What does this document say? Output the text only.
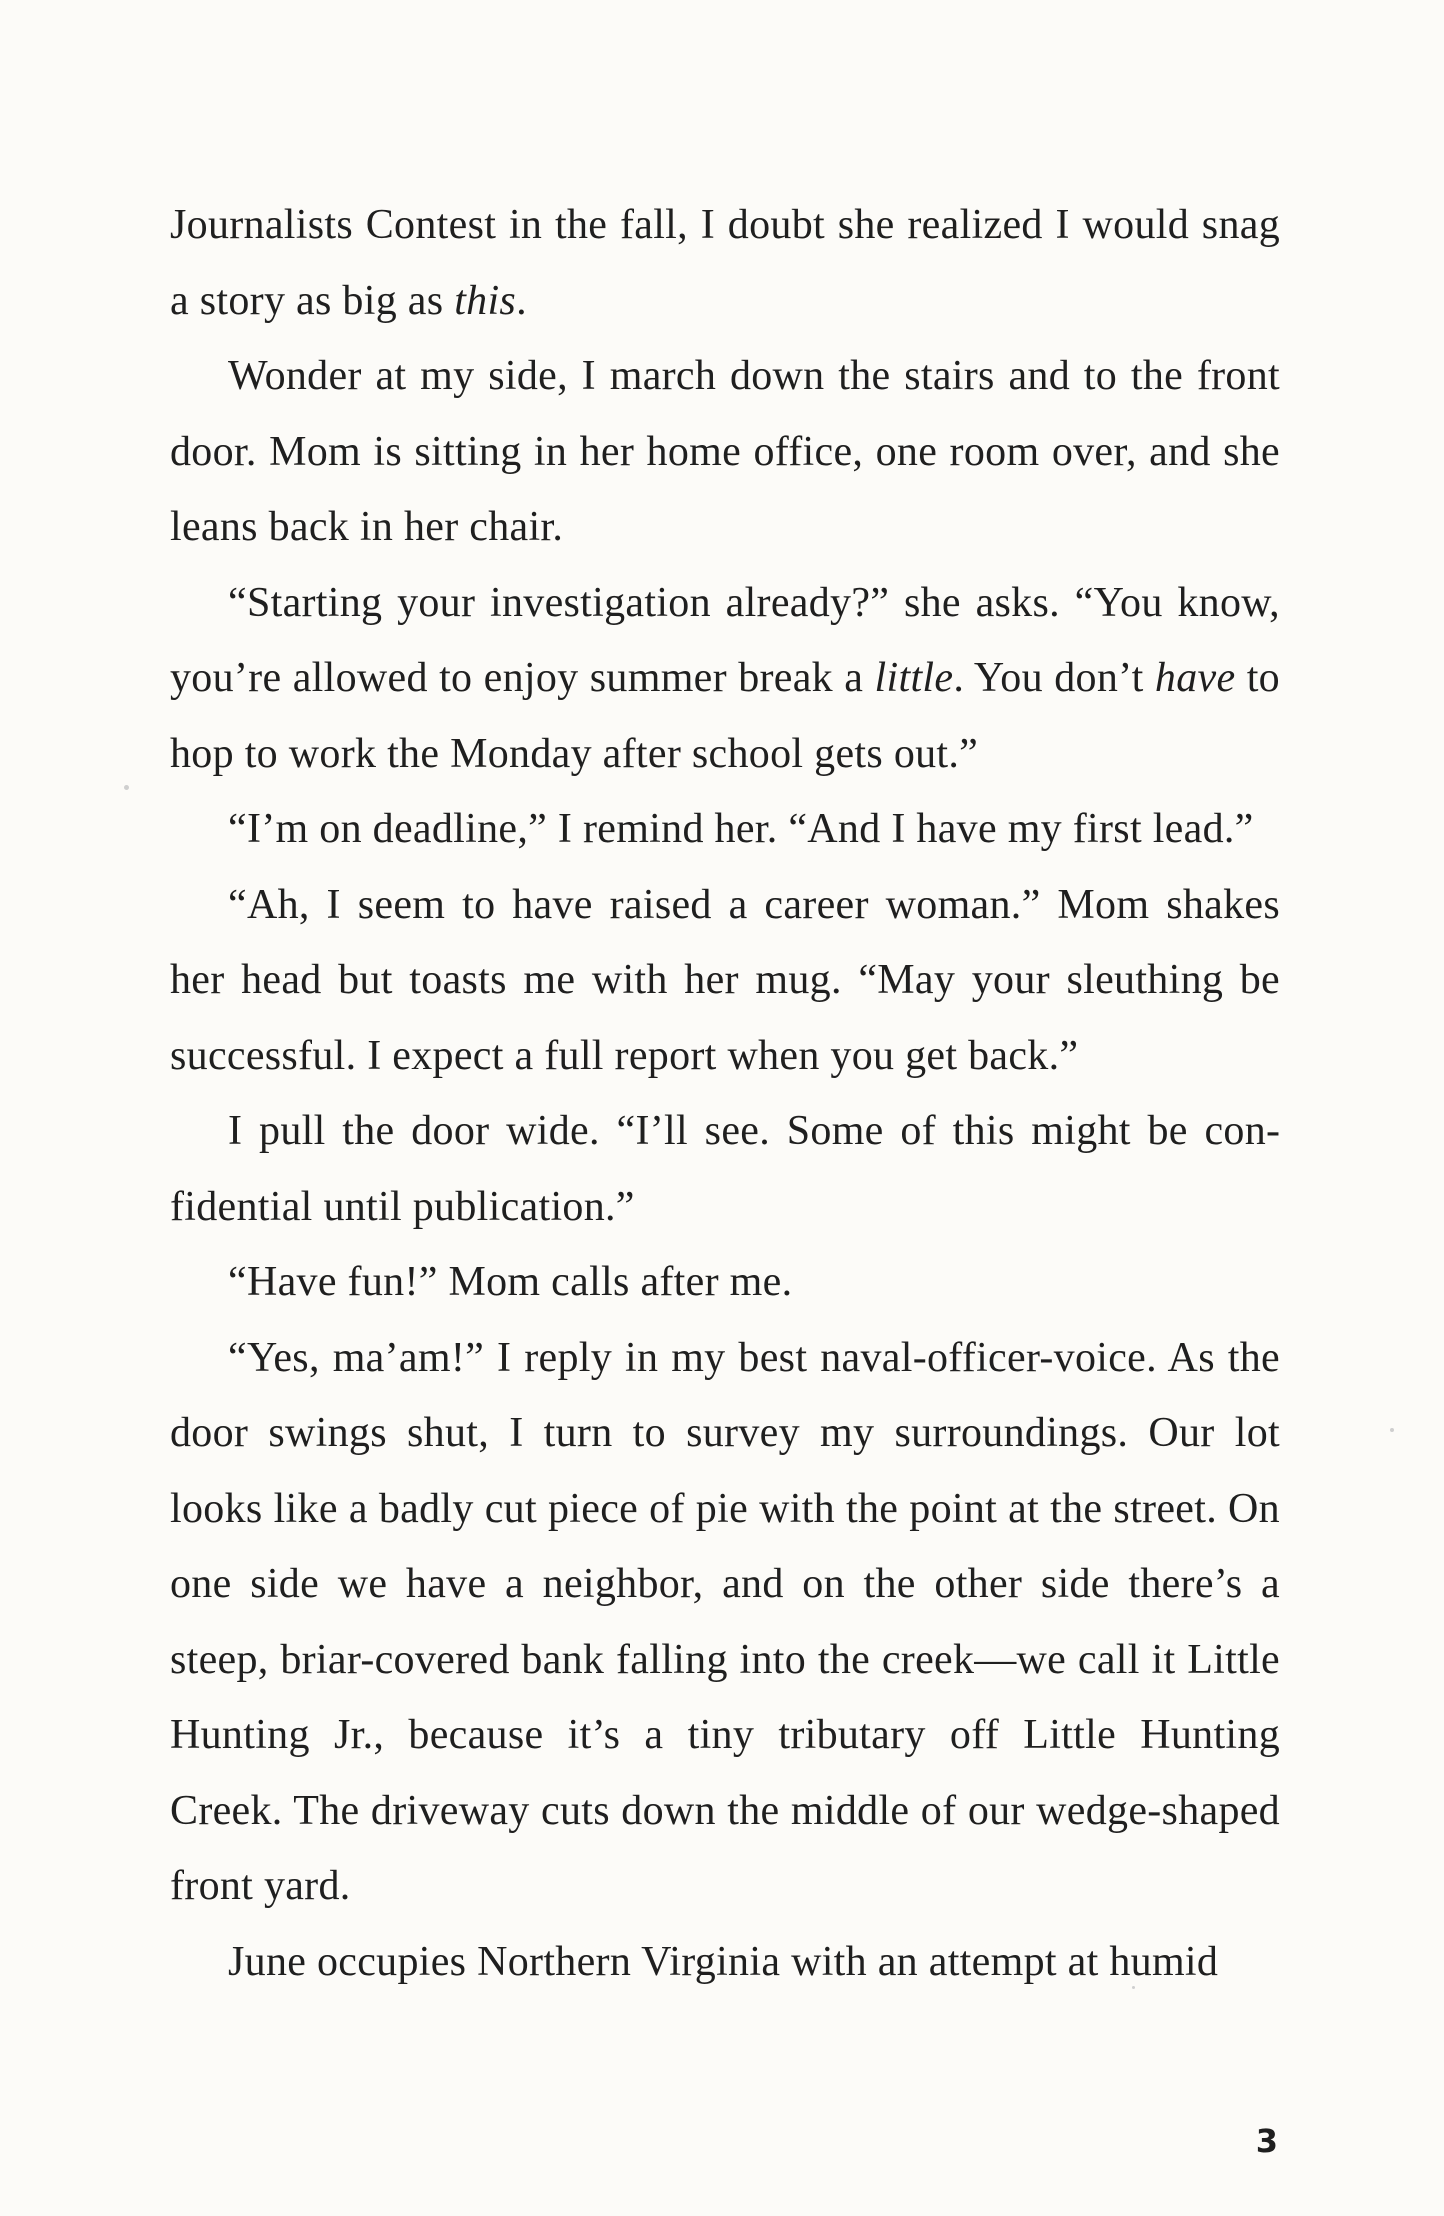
Journalists Contest in the fall, I doubt she realized I would snag a story as big as this.

Wonder at my side, I march down the stairs and to the front door. Mom is sitting in her home office, one room over, and she leans back in her chair.

“Starting your investigation already?” she asks. “You know, you’re allowed to enjoy summer break a little. You don’t have to hop to work the Monday after school gets out.”

“I’m on deadline,” I remind her. “And I have my first lead.”

“Ah, I seem to have raised a career woman.” Mom shakes her head but toasts me with her mug. “May your sleuthing be successful. I expect a full report when you get back.”

I pull the door wide. “I’ll see. Some of this might be confidential until publication.”

“Have fun!” Mom calls after me.

“Yes, ma’am!” I reply in my best naval-officer-voice. As the door swings shut, I turn to survey my surroundings. Our lot looks like a badly cut piece of pie with the point at the street. On one side we have a neighbor, and on the other side there’s a steep, briar-covered bank falling into the creek—we call it Little Hunting Jr., because it’s a tiny tributary off Little Hunting Creek. The driveway cuts down the middle of our wedge-shaped front yard.

June occupies Northern Virginia with an attempt at humid

3
